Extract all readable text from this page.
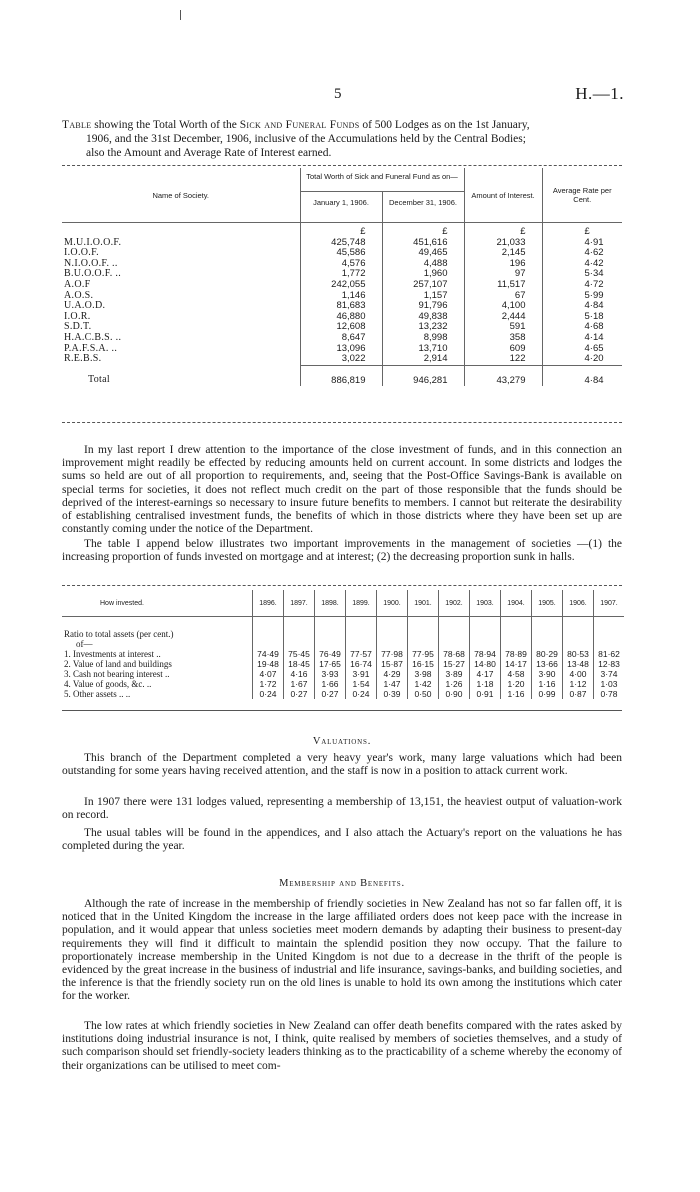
5	H.—1.
Table showing the Total Worth of the Sick and Funeral Funds of 500 Lodges as on the 1st January,
1906, and the 31st December, 1906, inclusive of the Accumulations held by the Central Bodies;
also the Amount and Average Rate of Interest earned.
Name of Society.	Total Worth of Sick and Funeral Fund as on—		Amount of Interest.	Average Rate per Cent.
	January 1, 1906.	December 31, 1906.		
	£	£	£	£
M.U.I.O.O.F.	425,748	451,616	21,033	4·91
I.O.O.F.	45,586	49,465	2,145	4·62
N.I.O.O.F. ..	4,576	4,488	196	4·42
B.U.O.O.F. ..	1,772	1,960	97	5·34
A.O.F	242,055	257,107	11,517	4·72
A.O.S.	1,146	1,157	67	5·99
U.A.O.D.	81,683	91,796	4,100	4·84
I.O.R.	46,880	49,838	2,444	5·18
S.D.T.	12,608	13,232	591	4·68
H.A.C.B.S. ..	8,647	8,998	358	4·14
P.A.F.S.A. ..	13,096	13,710	609	4·65
R.E.B.S.	3,022	2,914	122	4·20
Total	886,819	946,281	43,279	4·84
In my last report I drew attention to the importance of the close investment of funds, and in this connection an improvement might readily be effected by reducing amounts held on current account. In some districts and lodges the sums so held are out of all proportion to requirements, and, seeing that the Post-Office Savings-Bank is available on special terms for societies, it does not reflect much credit on the part of those responsible that the funds should be deprived of the interest-earnings so necessary to insure future benefits to members. I cannot but reiterate the desirability of establishing centralised investment funds, the benefits of which in those districts where they have been set up are constantly coming under the notice of the Department.
The table I append below illustrates two important improvements in the management of societies —(1) the increasing proportion of funds invested on mortgage and at interest; (2) the decreasing proportion sunk in halls.
How invested.	1896.	1897.	1898.	1899.	1900.	1901.	1902.	1903.	1904.	1905.	1906.	1907.
Ratio to total assets (per cent.)												
of—												
1. Investments at interest ..	74·49	75·45	76·49	77·57	77·98	77·95	78·68	78·94	78·89	80·29	80·53	81·62
2. Value of land and buildings	19·48	18·45	17·65	16·74	15·87	16·15	15·27	14·80	14·17	13·66	13·48	12·83
3. Cash not bearing interest ..	4·07	4·16	3·93	3·91	4·29	3·98	3·89	4·17	4·58	3·90	4·00	3·74
4. Value of goods, &c. ..	1·72	1·67	1·66	1·54	1·47	1·42	1·26	1·18	1·20	1·16	1·12	1·03
5. Other assets .. ..	0·24	0·27	0·27	0·24	0·39	0·50	0·90	0·91	1·16	0·99	0·87	0·78
Valuations.
This branch of the Department completed a very heavy year's work, many large valuations which had been outstanding for some years having received attention, and the staff is now in a position to attack current work.
In 1907 there were 131 lodges valued, representing a membership of 13,151, the heaviest output of valuation-work on record.
The usual tables will be found in the appendices, and I also attach the Actuary's report on the valuations he has completed during the year.
Membership and Benefits.
Although the rate of increase in the membership of friendly societies in New Zealand has not so far fallen off, it is noticed that in the United Kingdom the increase in the large affiliated orders does not keep pace with the increase in population, and it would appear that unless societies meet modern demands by adapting their business to present-day requirements they will find it difficult to maintain the splendid position they now occupy. That the failure to proportionately increase membership in the United Kingdom is not due to a decrease in the thrift of the people is evidenced by the great increase in the business of industrial and life insurance, savings-banks, and building societies, and the inference is that the friendly society run on the old lines is unable to hold its own among the institutions which cater for the worker.
The low rates at which friendly societies in New Zealand can offer death benefits compared with the rates asked by institutions doing industrial insurance is not, I think, quite realised by members of societies themselves, and a study of such comparison should set friendly-society leaders thinking as to the practicability of a scheme whereby the economy of their organizations can be utilised to meet com-
